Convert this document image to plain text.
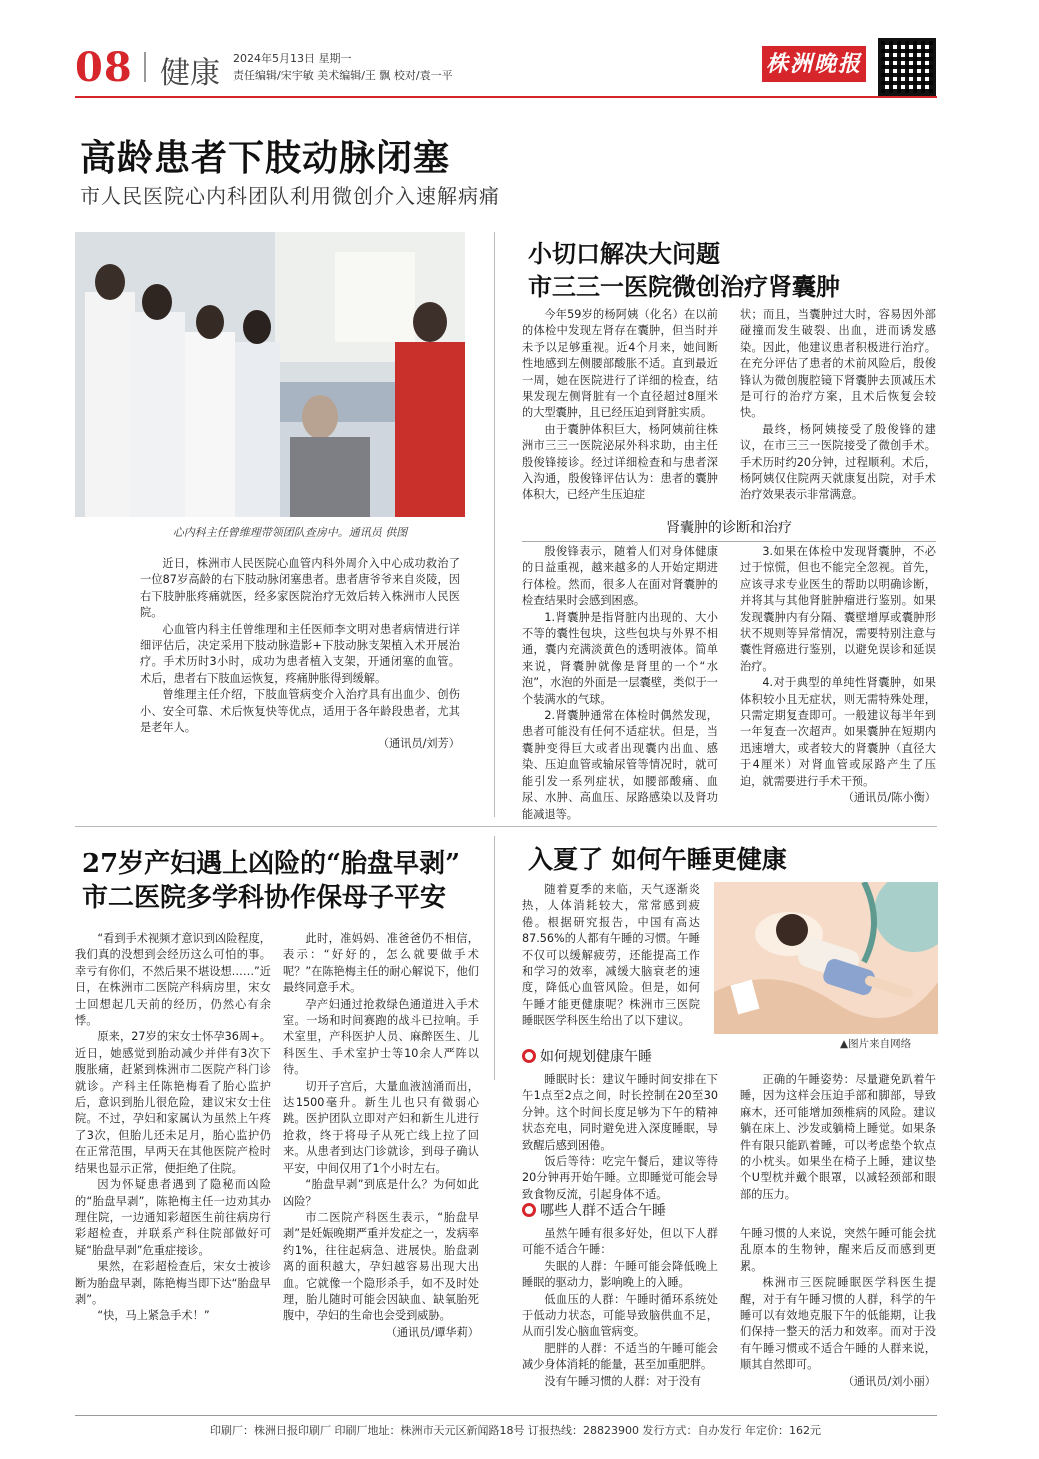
08 健康 2024年5月13日 星期一
责任编辑/宋宇敏 美术编辑/王 飘 校对/袁一平	株洲晚报
高龄患者下肢动脉闭塞
市人民医院心内科团队利用微创介入速解病痛
心内科主任曾维理带领团队查房中。通讯员 供图

近日，株洲市人民医院心血管内科外周介入中心成功救治了一位87岁高龄的右下肢动脉闭塞患者。患者唐爷爷来自炎陵，因右下肢肿胀疼痛就医，经多家医院治疗无效后转入株洲市人民医院。

心血管内科主任曾维理和主任医师李文明对患者病情进行详细评估后，决定采用下肢动脉造影+下肢动脉支架植入术开展治疗。手术历时3小时，成功为患者植入支架，开通闭塞的血管。术后，患者右下肢血运恢复，疼痛肿胀得到缓解。

曾维理主任介绍，下肢血管病变介入治疗具有出血少、创伤小、安全可靠、术后恢复快等优点，适用于各年龄段患者，尤其是老年人。

（通讯员/刘芳）
小切口解决大问题
市三三一医院微创治疗肾囊肿

今年59岁的杨阿姨（化名）在以前的体检中发现左肾存在囊肿，但当时并未予以足够重视。近4个月来，她间断性地感到左侧腰部酸胀不适。直到最近一周，她在医院进行了详细的检查，结果发现左侧肾脏有一个直径超过8厘米的大型囊肿，且已经压迫到肾脏实质。

由于囊肿体积巨大，杨阿姨前往株洲市三三一医院泌尿外科求助，由主任殷俊锋接诊。经过详细检查和与患者深入沟通，殷俊锋评估认为：患者的囊肿体积大，已经产生压迫症

状；而且，当囊肿过大时，容易因外部碰撞而发生破裂、出血，进而诱发感染。因此，他建议患者积极进行治疗。在充分评估了患者的术前风险后，殷俊锋认为微创腹腔镜下肾囊肿去顶减压术是可行的治疗方案，且术后恢复会较快。

最终，杨阿姨接受了殷俊锋的建议，在市三三一医院接受了微创手术。手术历时约20分钟，过程顺利。术后，杨阿姨仅住院两天就康复出院，对手术治疗效果表示非常满意。

肾囊肿的诊断和治疗

殷俊锋表示，随着人们对身体健康的日益重视，越来越多的人开始定期进行体检。然而，很多人在面对肾囊肿的检查结果时会感到困惑。

1.肾囊肿是指肾脏内出现的、大小不等的囊性包块，这些包块与外界不相通，囊内充满淡黄色的透明液体。简单来说，肾囊肿就像是肾里的一个“水泡”，水泡的外面是一层囊壁，类似于一个装满水的气球。

2.肾囊肿通常在体检时偶然发现，患者可能没有任何不适症状。但是，当囊肿变得巨大或者出现囊内出血、感染、压迫血管或输尿管等情况时，就可能引发一系列症状，如腰部酸痛、血尿、水肿、高血压、尿路感染以及肾功能减退等。

3.如果在体检中发现肾囊肿，不必过于惊慌，但也不能完全忽视。首先，应该寻求专业医生的帮助以明确诊断，并将其与其他肾脏肿瘤进行鉴别。如果发现囊肿内有分隔、囊壁增厚或囊肿形状不规则等异常情况，需要特别注意与囊性肾癌进行鉴别，以避免误诊和延误治疗。

4.对于典型的单纯性肾囊肿，如果体积较小且无症状，则无需特殊处理，只需定期复查即可。一般建议每半年到一年复查一次超声。如果囊肿在短期内迅速增大，或者较大的肾囊肿（直径大于4厘米）对肾血管或尿路产生了压迫，就需要进行手术干预。

（通讯员/陈小衡）
27岁产妇遇上凶险的“胎盘早剥”
市二医院多学科协作保母子平安

“看到手术视频才意识到凶险程度，我们真的没想到会经历这么可怕的事。幸亏有你们，不然后果不堪设想……”近日，在株洲市二医院产科病房里，宋女士回想起几天前的经历，仍然心有余悸。

原来，27岁的宋女士怀孕36周+。近日，她感觉到胎动减少并伴有3次下腹胀痛，赶紧到株洲市二医院产科门诊就诊。产科主任陈艳梅看了胎心监护后，意识到胎儿很危险，建议宋女士住院。不过，孕妇和家属认为虽然上午疼了3次，但胎儿还未足月，胎心监护仍在正常范围，早两天在其他医院产检时结果也显示正常，便拒绝了住院。

因为怀疑患者遇到了隐秘而凶险的“胎盘早剥”，陈艳梅主任一边劝其办理住院，一边通知彩超医生前往病房行彩超检查，并联系产科住院部做好可疑“胎盘早剥”危重症接诊。

果然，在彩超检查后，宋女士被诊断为胎盘早剥，陈艳梅当即下达“胎盘早剥”。

“快，马上紧急手术！”

此时，准妈妈、准爸爸仍不相信，表示：“好好的，怎么就要做手术呢？”在陈艳梅主任的耐心解说下，他们最终同意手术。

孕产妇通过抢救绿色通道进入手术室。一场和时间赛跑的战斗已拉响。手术室里，产科医护人员、麻醉医生、儿科医生、手术室护士等10余人严阵以待。

切开子宫后，大量血液汹涌而出，达1500毫升。新生儿也只有微弱心跳。医护团队立即对产妇和新生儿进行抢救，终于将母子从死亡线上拉了回来。从患者到达门诊就诊，到母子确认平安，中间仅用了1个小时左右。

“胎盘早剥”到底是什么？为何如此凶险？

市二医院产科医生表示，“胎盘早剥”是妊娠晚期严重并发症之一，发病率约1%，往往起病急、进展快。胎盘剥离的面积越大，孕妇越容易出现大出血。它就像一个隐形杀手，如不及时处理，胎儿随时可能会因缺血、缺氧胎死腹中，孕妇的生命也会受到威胁。

（通讯员/谭华莉）
入夏了 如何午睡更健康

随着夏季的来临，天气逐渐炎热，人体消耗较大，常常感到疲倦。根据研究报告，中国有高达87.56%的人都有午睡的习惯。午睡不仅可以缓解疲劳，还能提高工作和学习的效率，减缓大脑衰老的速度，降低心血管风险。但是，如何午睡才能更健康呢？株洲市三医院睡眠医学科医生给出了以下建议。

▲图片来自网络
如何规划健康午睡

睡眠时长：建议午睡时间安排在下午1点至2点之间，时长控制在20至30分钟。这个时间长度足够为下午的精神状态充电，同时避免进入深度睡眠，导致醒后感到困倦。

饭后等待：吃完午餐后，建议等待20分钟再开始午睡。立即睡觉可能会导致食物反流，引起身体不适。

正确的午睡姿势：尽量避免趴着午睡，因为这样会压迫手部和脚部，导致麻木，还可能增加颈椎病的风险。建议躺在床上、沙发或躺椅上睡觉。如果条件有限只能趴着睡，可以考虑垫个软点的小枕头。如果坐在椅子上睡，建议垫个U型枕并戴个眼罩，以减轻颈部和眼部的压力。

哪些人群不适合午睡

虽然午睡有很多好处，但以下人群可能不适合午睡：

失眠的人群：午睡可能会降低晚上睡眠的驱动力，影响晚上的入睡。

低血压的人群：午睡时循环系统处于低动力状态，可能导致脑供血不足，从而引发心脑血管病变。

肥胖的人群：不适当的午睡可能会减少身体消耗的能量，甚至加重肥胖。

没有午睡习惯的人群：对于没有

午睡习惯的人来说，突然午睡可能会扰乱原本的生物钟，醒来后反而感到更累。

株洲市三医院睡眠医学科医生提醒，对于有午睡习惯的人群，科学的午睡可以有效地克服下午的低能期，让我们保持一整天的活力和效率。而对于没有午睡习惯或不适合午睡的人群来说，顺其自然即可。

（通讯员/刘小丽）
印刷厂：株洲日报印刷厂 印刷厂地址：株洲市天元区新闻路18号 订报热线：28823900 发行方式：自办发行 年定价：162元
